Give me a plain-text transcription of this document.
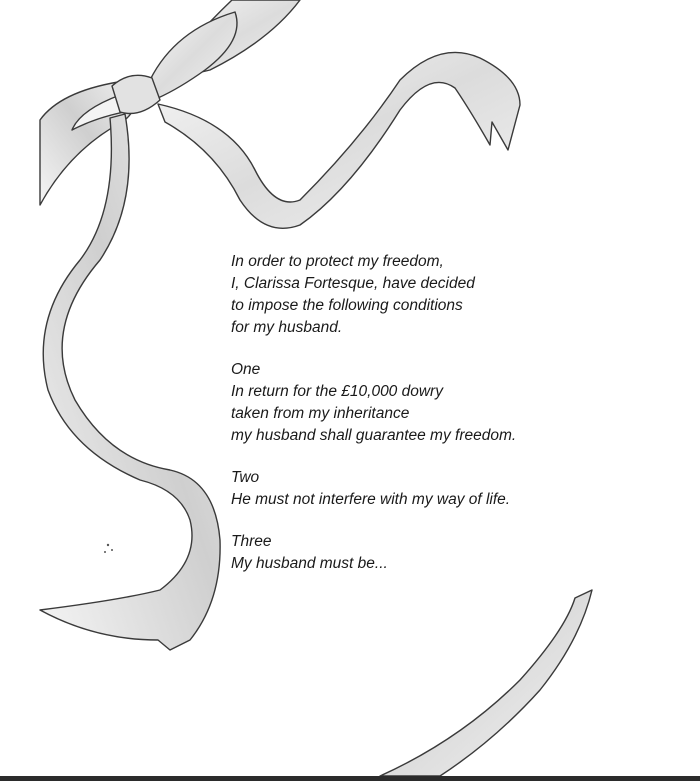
In order to protect my freedom,
I, Clarissa Fortesque, have decided
to impose the following conditions
for my husband.

One
In return for the £10,000 dowry
taken from my inheritance
my husband shall guarantee my freedom.

Two
He must not interfere with my way of life.

Three
My husband must be...
